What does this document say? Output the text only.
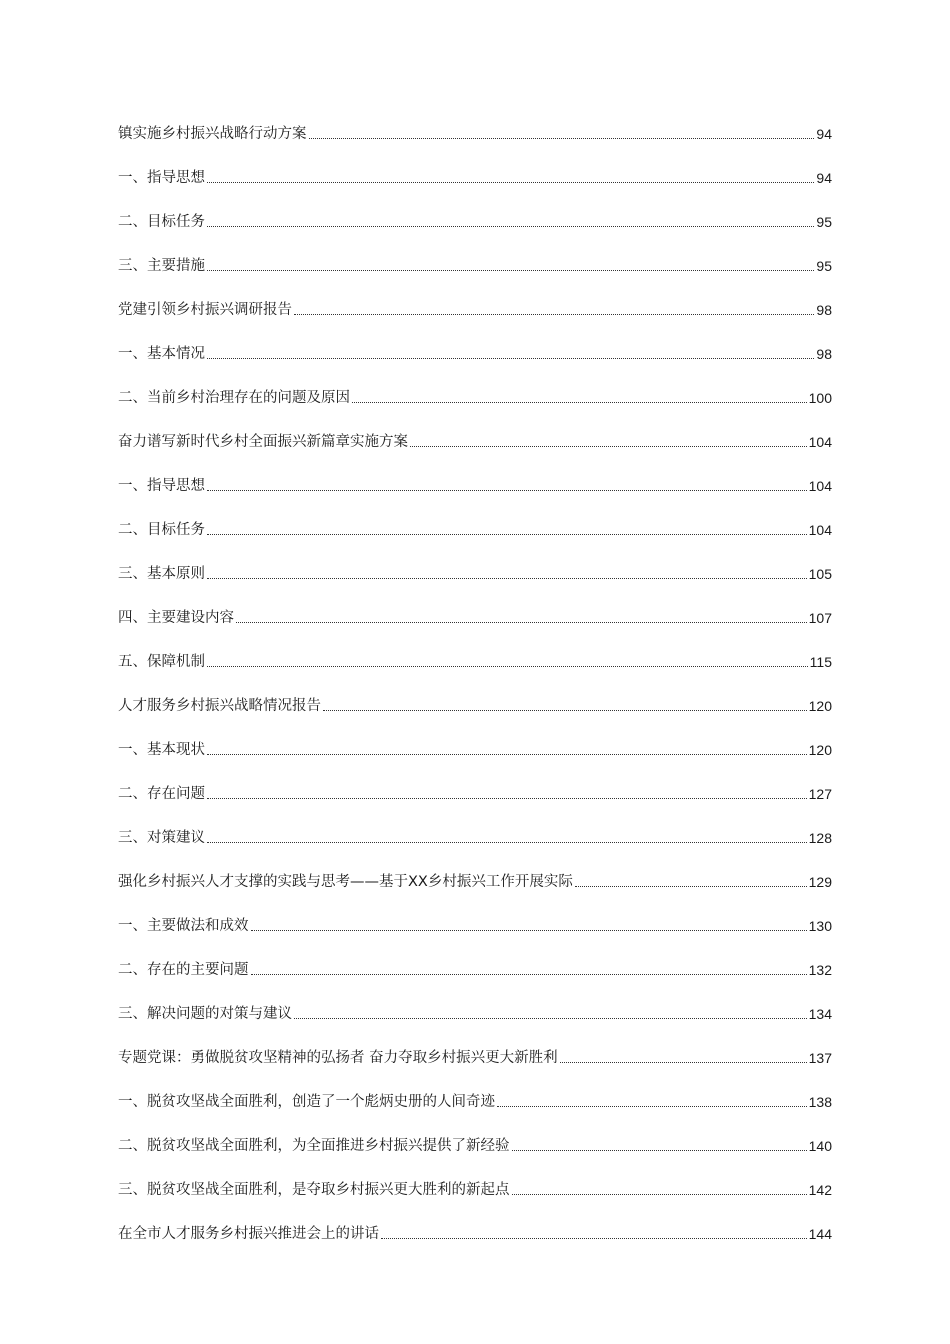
镇实施乡村振兴战略行动方案	94
一、指导思想	94
二、目标任务	95
三、主要措施	95
党建引领乡村振兴调研报告	98
一、基本情况	98
二、当前乡村治理存在的问题及原因	100
奋力谱写新时代乡村全面振兴新篇章实施方案	104
一、指导思想	104
二、目标任务	104
三、基本原则	105
四、主要建设内容	107
五、保障机制	115
人才服务乡村振兴战略情况报告	120
一、基本现状	120
二、存在问题	127
三、对策建议	128
强化乡村振兴人才支撑的实践与思考——基于XX乡村振兴工作开展实际	129
一、主要做法和成效	130
二、存在的主要问题	132
三、解决问题的对策与建议	134
专题党课：勇做脱贫攻坚精神的弘扬者 奋力夺取乡村振兴更大新胜利	137
一、脱贫攻坚战全面胜利，创造了一个彪炳史册的人间奇迹	138
二、脱贫攻坚战全面胜利，为全面推进乡村振兴提供了新经验	140
三、脱贫攻坚战全面胜利，是夺取乡村振兴更大胜利的新起点	142
在全市人才服务乡村振兴推进会上的讲话	144
